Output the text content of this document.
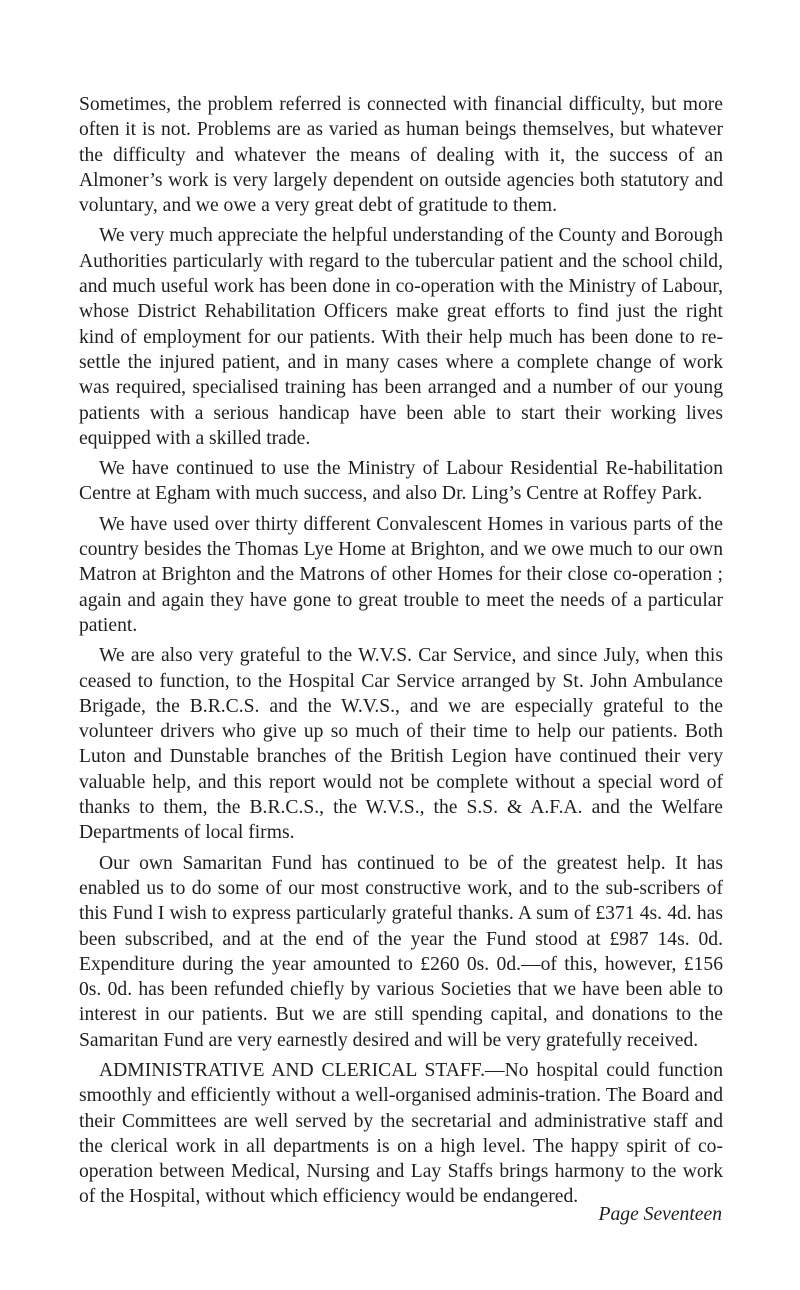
Sometimes, the problem referred is connected with financial difficulty, but more often it is not. Problems are as varied as human beings themselves, but whatever the difficulty and whatever the means of dealing with it, the success of an Almoner’s work is very largely dependent on outside agencies both statutory and voluntary, and we owe a very great debt of gratitude to them.

We very much appreciate the helpful understanding of the County and Borough Authorities particularly with regard to the tubercular patient and the school child, and much useful work has been done in co-operation with the Ministry of Labour, whose District Rehabilitation Officers make great efforts to find just the right kind of employment for our patients. With their help much has been done to re-settle the injured patient, and in many cases where a complete change of work was required, specialised training has been arranged and a number of our young patients with a serious handicap have been able to start their working lives equipped with a skilled trade.

We have continued to use the Ministry of Labour Residential Re-habilitation Centre at Egham with much success, and also Dr. Ling’s Centre at Roffey Park.

We have used over thirty different Convalescent Homes in various parts of the country besides the Thomas Lye Home at Brighton, and we owe much to our own Matron at Brighton and the Matrons of other Homes for their close co-operation ; again and again they have gone to great trouble to meet the needs of a particular patient.

We are also very grateful to the W.V.S. Car Service, and since July, when this ceased to function, to the Hospital Car Service arranged by St. John Ambulance Brigade, the B.R.C.S. and the W.V.S., and we are especially grateful to the volunteer drivers who give up so much of their time to help our patients. Both Luton and Dunstable branches of the British Legion have continued their very valuable help, and this report would not be complete without a special word of thanks to them, the B.R.C.S., the W.V.S., the S.S. & A.F.A. and the Welfare Departments of local firms.

Our own Samaritan Fund has continued to be of the greatest help. It has enabled us to do some of our most constructive work, and to the sub-scribers of this Fund I wish to express particularly grateful thanks. A sum of £371 4s. 4d. has been subscribed, and at the end of the year the Fund stood at £987 14s. 0d. Expenditure during the year amounted to £260 0s. 0d.—of this, however, £156 0s. 0d. has been refunded chiefly by various Societies that we have been able to interest in our patients. But we are still spending capital, and donations to the Samaritan Fund are very earnestly desired and will be very gratefully received.

ADMINISTRATIVE AND CLERICAL STAFF.—No hospital could function smoothly and efficiently without a well-organised adminis-tration. The Board and their Committees are well served by the secretarial and administrative staff and the clerical work in all departments is on a high level. The happy spirit of co-operation between Medical, Nursing and Lay Staffs brings harmony to the work of the Hospital, without which efficiency would be endangered.

Page Seventeen
